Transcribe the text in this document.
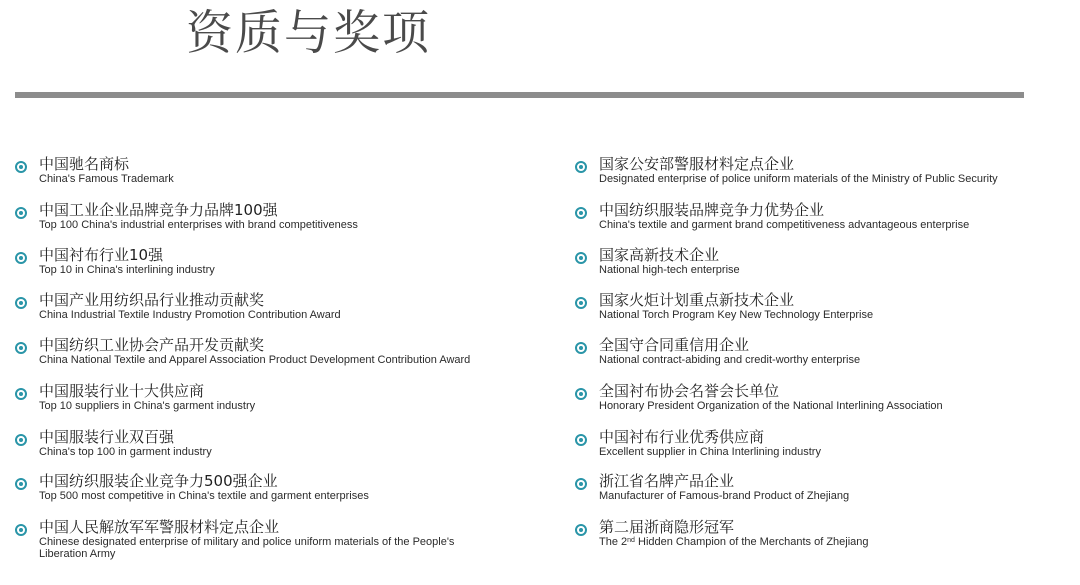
资质与奖项
中国驰名商标
China's Famous Trademark
中国工业企业品牌竞争力品牌100强
Top 100 China's industrial enterprises with brand competitiveness
中国衬布行业10强
Top 10 in China's interlining industry
中国产业用纺织品行业推动贡献奖
China Industrial Textile Industry Promotion Contribution Award
中国纺织工业协会产品开发贡献奖
China National Textile and Apparel Association Product Development Contribution Award
中国服装行业十大供应商
Top 10 suppliers in China's garment industry
中国服装行业双百强
China's top 100 in garment industry
中国纺织服装企业竞争力500强企业
Top 500 most competitive in China's textile and garment enterprises
中国人民解放军军警服材料定点企业
Chinese designated enterprise of military and police uniform materials of the People's Liberation Army
国家公安部警服材料定点企业
Designated enterprise of police uniform materials of the Ministry of Public Security
中国纺织服装品牌竞争力优势企业
China's textile and garment brand competitiveness advantageous enterprise
国家高新技术企业
National high-tech enterprise
国家火炬计划重点新技术企业
National Torch Program Key New Technology Enterprise
全国守合同重信用企业
National contract-abiding and credit-worthy enterprise
全国衬布协会名誉会长单位
Honorary President Organization of the National Interlining Association
中国衬布行业优秀供应商
Excellent supplier in China Interlining industry
浙江省名牌产品企业
Manufacturer of Famous-brand Product of Zhejiang
第二届浙商隐形冠军
The 2nd Hidden Champion of the Merchants of Zhejiang
